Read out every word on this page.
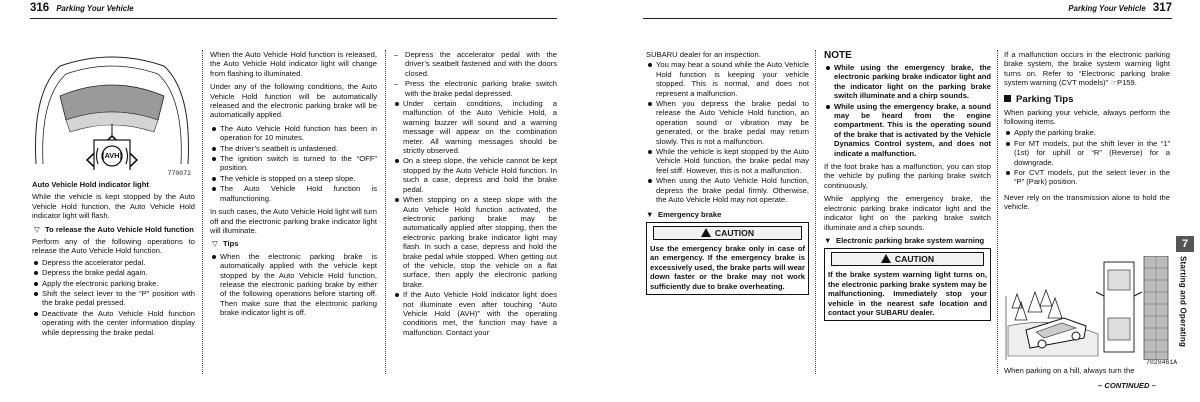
316 Parking Your Vehicle	Parking Your Vehicle 317
(AVH)
770072

Auto Vehicle Hold indicator light

While the vehicle is kept stopped by the Auto Vehicle Hold function, the Auto Vehicle Hold indicator light will flash.

▽ To release the Auto Vehicle Hold function

Perform any of the following operations to release the Auto Vehicle Hold function.

Depress the accelerator pedal.
Depress the brake pedal again.
Apply the electronic parking brake.
Shift the select lever to the “P” position with the brake pedal pressed.
Deactivate the Auto Vehicle Hold function operating with the center information display while depressing the brake pedal.

When the Auto Vehicle Hold function is released, the Auto Vehicle Hold indicator light will change from flashing to illuminated.

Under any of the following conditions, the Auto Vehicle Hold function will be automatically released and the electronic parking brake will be automatically applied.

The Auto Vehicle Hold function has been in operation for 10 minutes.
The driver’s seatbelt is unfastened.
The ignition switch is turned to the “OFF” position.
The vehicle is stopped on a steep slope.
The Auto Vehicle Hold function is malfunctioning.

In such cases, the Auto Vehicle Hold light will turn off and the electronic parking brake indicator light will illuminate.

▽ Tips
When the electronic parking brake is automatically applied with the vehicle kept stopped by the Auto Vehicle Hold function, release the electronic parking brake by either of the following operations before starting off. Then make sure that the electronic parking brake indicator light is off.
– Depress the accelerator pedal with the driver’s seatbelt fastened and with the doors closed.
– Press the electronic parking brake switch with the brake pedal depressed.
Under certain conditions, including a malfunction of the Auto Vehicle Hold, a warning buzzer will sound and a warning message will appear on the combination meter. All warning messages should be strictly observed.
On a steep slope, the vehicle cannot be kept stopped by the Auto Vehicle Hold function. In such a case, depress and hold the brake pedal.
When stopping on a steep slope with the Auto Vehicle Hold function activated, the electronic parking brake may be automatically applied after stopping, then the electronic parking brake indicator light may flash. In such a case, depress and hold the brake pedal while stopped. When getting out of the vehicle, stop the vehicle on a flat surface, then apply the electronic parking brake.
If the Auto Vehicle Hold indicator light does not illuminate even after touching “Auto Vehicle Hold (AVH)” with the operating conditions met, the function may have a malfunction. Contact your

SUBARU dealer for an inspection.

You may hear a sound while the Auto Vehicle Hold function is keeping your vehicle stopped. This is normal, and does not represent a malfunction.
When you depress the brake pedal to release the Auto Vehicle Hold function, an operation sound or vibration may be generated, or the brake pedal may return slowly. This is not a malfunction.
While the vehicle is kept stopped by the Auto Vehicle Hold function, the brake pedal may feel stiff. However, this is not a malfunction.
When using the Auto Vehicle Hold function, depress the brake pedal firmly. Otherwise, the Auto Vehicle Hold may not operate.
▼ Emergency brake
CAUTION

Use the emergency brake only in case of an emergency. If the emergency brake is excessively used, the brake parts will wear down faster or the brake may not work sufficiently due to brake overheating.

NOTE
While using the emergency brake, the electronic parking brake indicator light and the indicator light on the parking brake switch illuminate and a chirp sounds.
While using the emergency brake, a sound may be heard from the engine compartment. This is the operating sound of the brake that is activated by the Vehicle Dynamics Control system, and does not indicate a malfunction.

If the foot brake has a malfunction, you can stop the vehicle by pulling the parking brake switch continuously.

While applying the emergency brake, the electronic parking brake indicator light and the indicator light on the parking brake switch illuminate and a chirp sounds.

▼ Electronic parking brake system warning
CAUTION

If the brake system warning light turns on, the electronic parking brake system may be malfunctioning. Immediately stop your vehicle in the nearest safe location and contact your SUBARU dealer.

If a malfunction occurs in the electronic parking brake system, the brake system warning light turns on. Refer to “Electronic parking brake system warning (CVT models)” ☞P159.

Parking Tips

When parking your vehicle, always perform the following items.

Apply the parking brake.
For MT models, put the shift lever in the “1” (1st) for uphill or “R” (Reverse) for a downgrade.
For CVT models, put the select lever in the “P” (Park) position.

Never rely on the transmission alone to hold the vehicle.

7020461A

When parking on a hill, always turn the

– CONTINUED –
7
Starting and Operating
